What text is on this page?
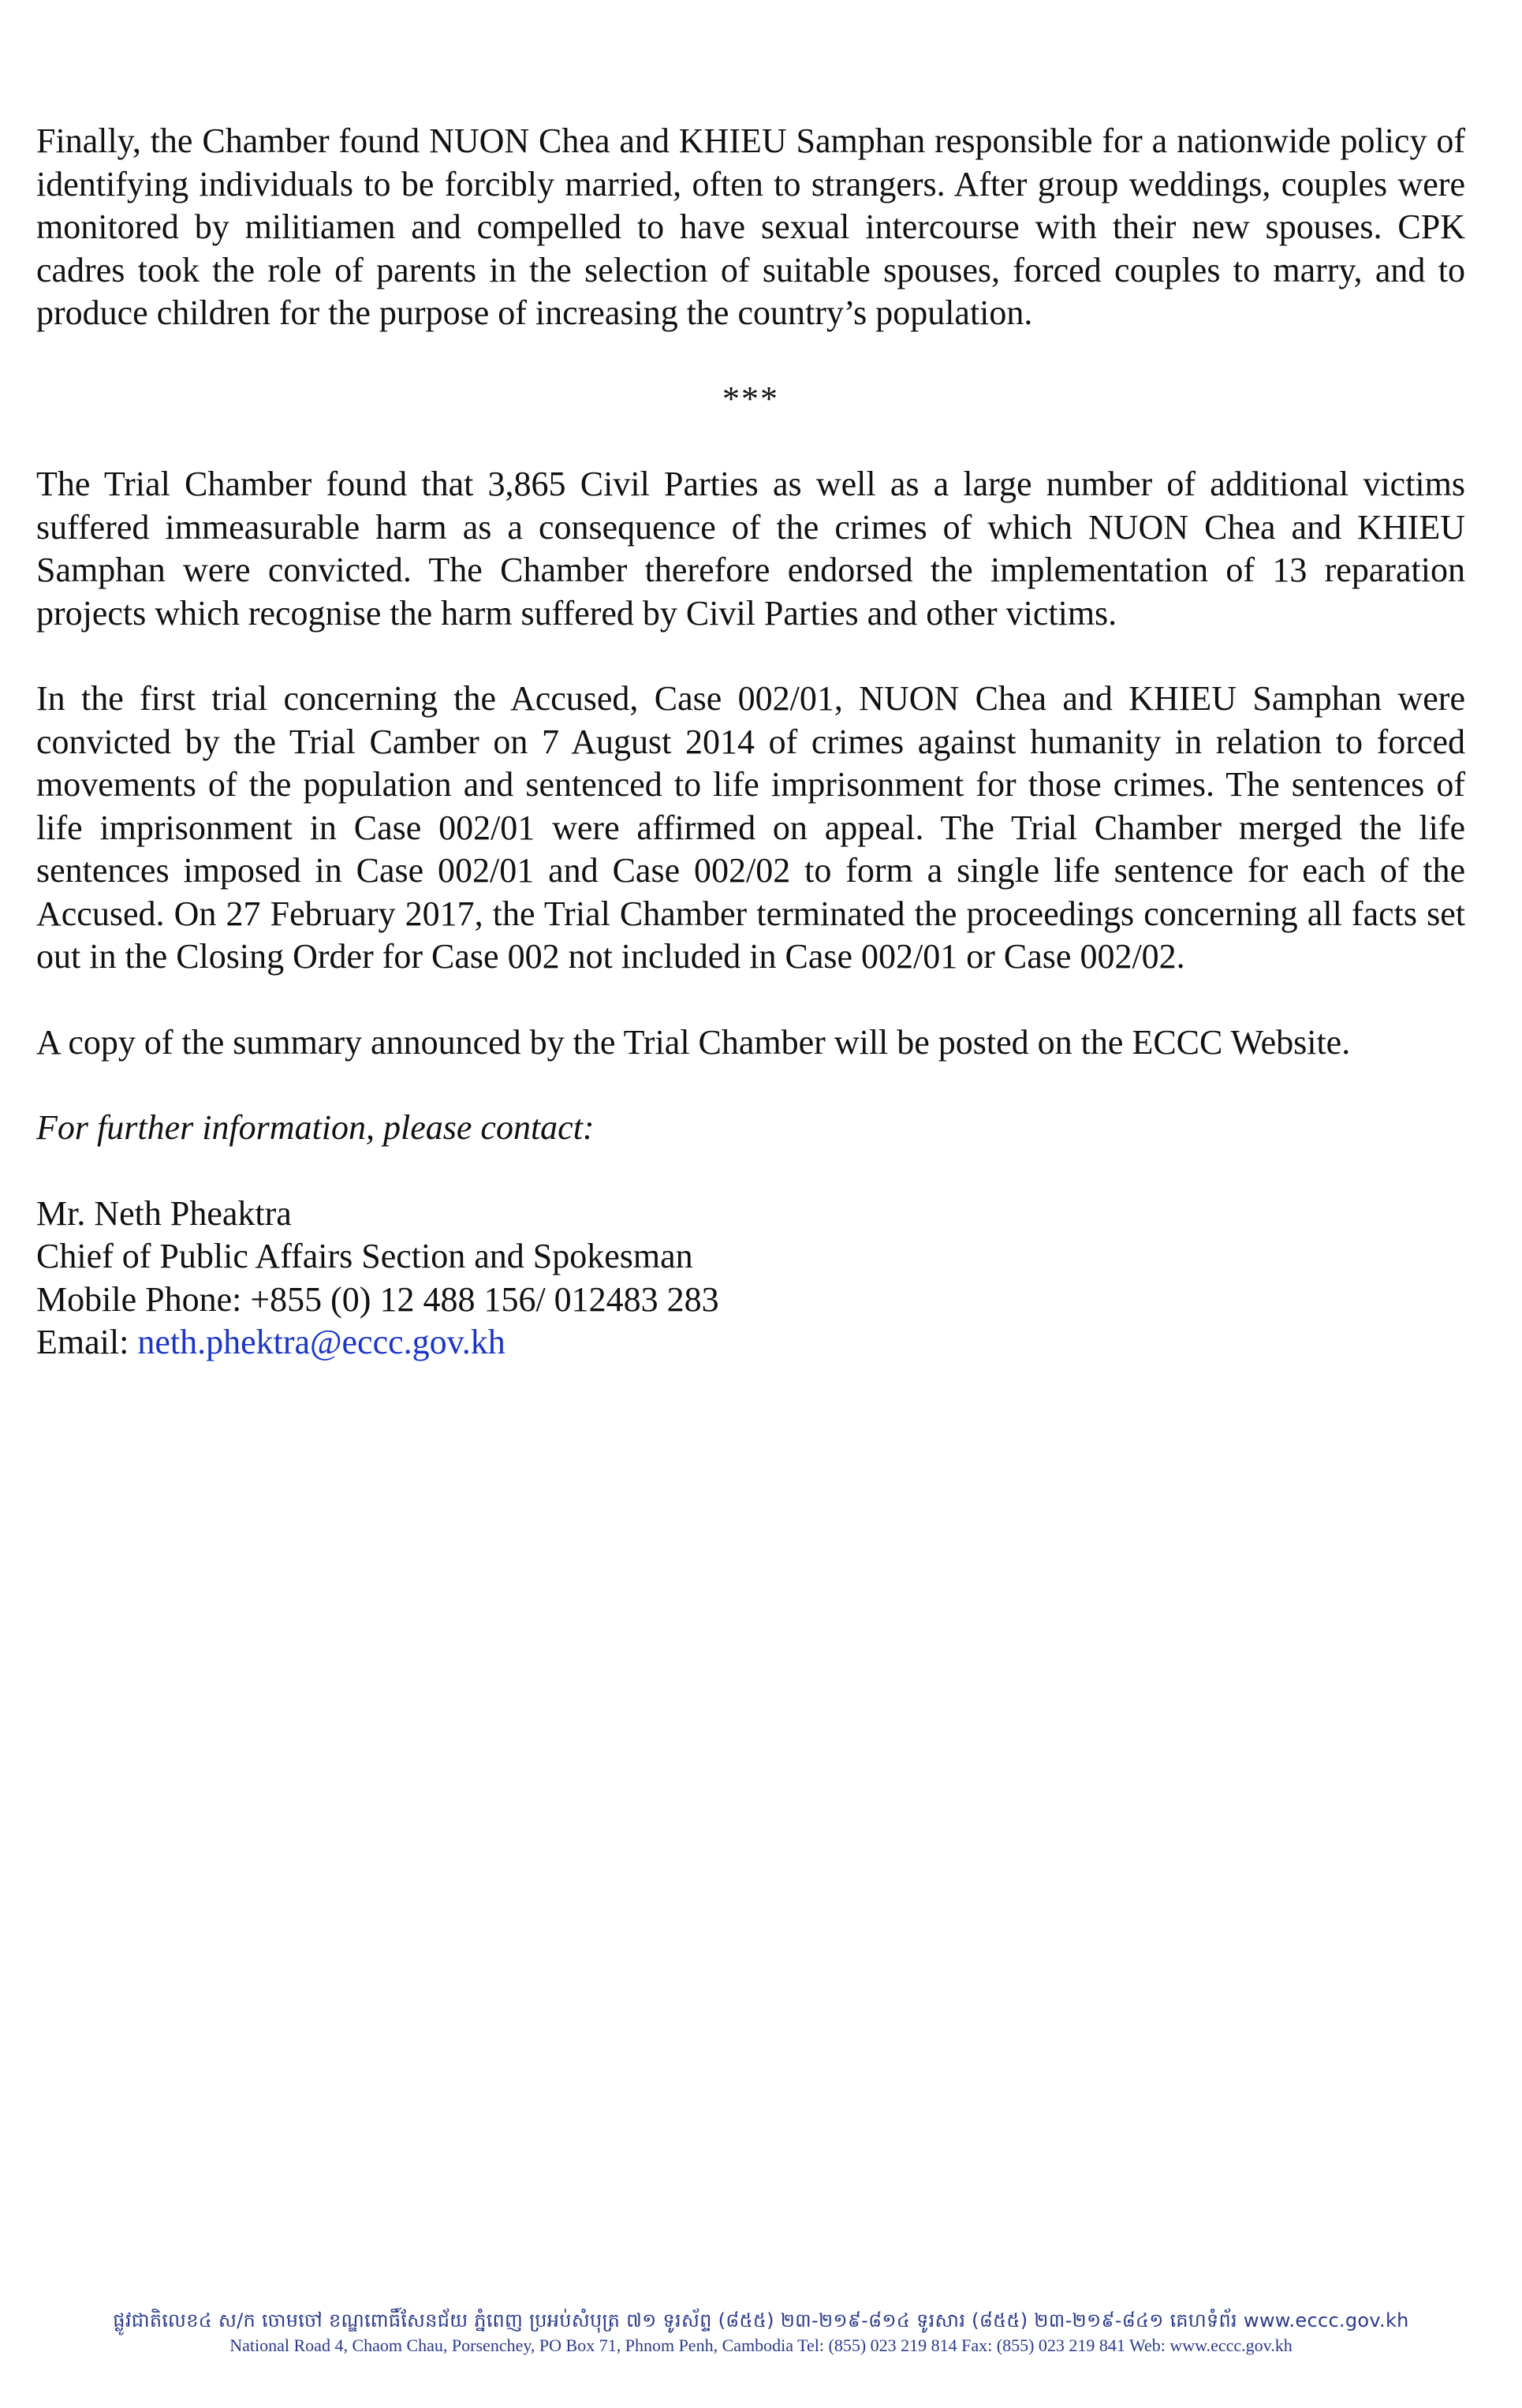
Finally, the Chamber found NUON Chea and KHIEU Samphan responsible for a nationwide policy of identifying individuals to be forcibly married, often to strangers. After group weddings, couples were monitored by militiamen and compelled to have sexual intercourse with their new spouses. CPK cadres took the role of parents in the selection of suitable spouses, forced couples to marry, and to produce children for the purpose of increasing the country’s population.

***

The Trial Chamber found that 3,865 Civil Parties as well as a large number of additional victims suffered immeasurable harm as a consequence of the crimes of which NUON Chea and KHIEU Samphan were convicted. The Chamber therefore endorsed the implementation of 13 reparation projects which recognise the harm suffered by Civil Parties and other victims.

In the first trial concerning the Accused, Case 002/01, NUON Chea and KHIEU Samphan were convicted by the Trial Camber on 7 August 2014 of crimes against humanity in relation to forced movements of the population and sentenced to life imprisonment for those crimes. The sentences of life imprisonment in Case 002/01 were affirmed on appeal. The Trial Chamber merged the life sentences imposed in Case 002/01 and Case 002/02 to form a single life sentence for each of the Accused. On 27 February 2017, the Trial Chamber terminated the proceedings concerning all facts set out in the Closing Order for Case 002 not included in Case 002/01 or Case 002/02.

A copy of the summary announced by the Trial Chamber will be posted on the ECCC Website.

For further information, please contact:

Mr. Neth Pheaktra

Chief of Public Affairs Section and Spokesman

Mobile Phone: +855 (0) 12 488 156/ 012483 283

Email: neth.phektra@eccc.gov.kh

ផ្លូវជាតិលេខ៤ ស/ក ចោមចៅ ខណ្ឌពោធិ៍សែនជ័យ ភ្នំពេញ ប្រអប់សំបុត្រ ៧១ ទូរស័ព្ទ (៨៥៥) ២៣-២១៩-៨១៤ ទូរសារ (៨៥៥) ២៣-២១៩-៨៤១ គេហទំព័រ www.eccc.gov.kh
National Road 4, Chaom Chau, Porsenchey, PO Box 71, Phnom Penh, Cambodia Tel: (855) 023 219 814 Fax: (855) 023 219 841 Web: www.eccc.gov.kh
